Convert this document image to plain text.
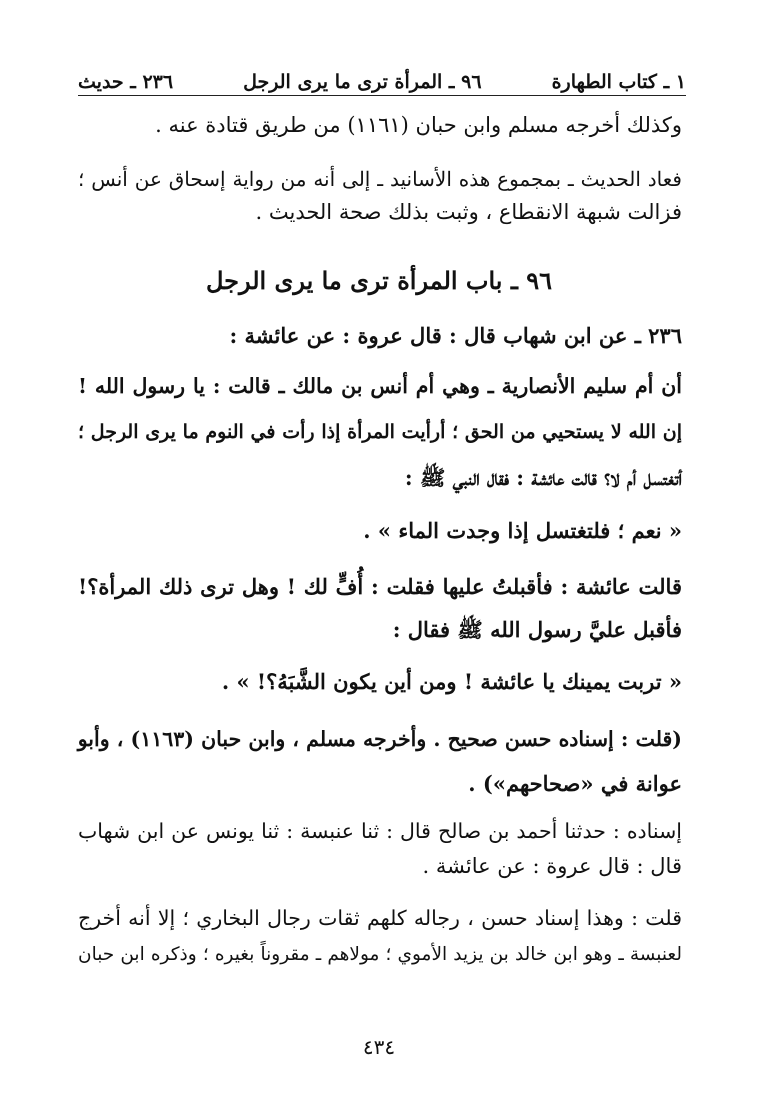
١ ـ كتاب الطهارة
٩٦ ـ المرأة ترى ما يرى الرجل
٢٣٦ ـ حديث
وكذلك أخرجه مسلم وابن حبان (١١٦١) من طريق قتادة عنه .
فعاد الحديث ـ بمجموع هذه الأسانيد ـ إلى أنه من رواية إسحاق عن أنس ؛
فزالت شبهة الانقطاع ، وثبت بذلك صحة الحديث .
٩٦ ـ باب المرأة ترى ما يرى الرجل
٢٣٦ ـ عن ابن شهاب قال : قال عروة : عن عائشة :
أن أم سليم الأنصارية ـ وهي أم أنس بن مالك ـ قالت : يا رسول الله !
إن الله لا يستحيي من الحق ؛ أرأيت المرأة إذا رأت في النوم ما يرى الرجل ؛
أتغتسل أم لا؟ قالت عائشة : فقال النبي ﷺ :
« نعم ؛ فلتغتسل إذا وجدت الماء » .
قالت عائشة : فأقبلتُ عليها فقلت : أُفٍّ لك ! وهل ترى ذلك المرأة؟!
فأقبل عليَّ رسول الله ﷺ فقال :
« تربت يمينك يا عائشة ! ومن أين يكون الشَّبَهُ؟! » .
(قلت : إسناده حسن صحيح . وأخرجه مسلم ، وابن حبان (١١٦٣) ، وأبو
عوانة في «صحاحهم») .
إسناده : حدثنا أحمد بن صالح قال : ثنا عنبسة : ثنا يونس عن ابن شهاب
قال : قال عروة : عن عائشة .
قلت : وهذا إسناد حسن ، رجاله كلهم ثقات رجال البخاري ؛ إلا أنه أخرج
لعنبسة ـ وهو ابن خالد بن يزيد الأموي ؛ مولاهم ـ مقروناً بغيره ؛ وذكره ابن حبان
٤٣٤
